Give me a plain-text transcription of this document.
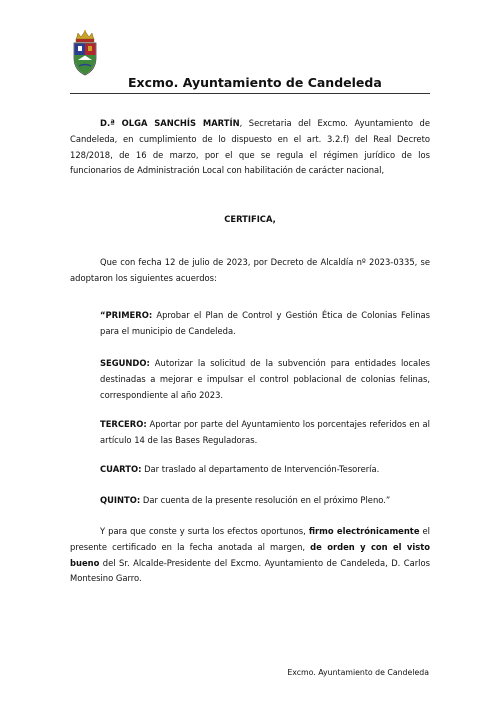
Excmo. Ayuntamiento de Candeleda

D.ª OLGA SANCHÍS MARTÍN, Secretaria del Excmo. Ayuntamiento de Candeleda, en cumplimiento de lo dispuesto en el art. 3.2.f) del Real Decreto 128/2018, de 16 de marzo, por el que se regula el régimen jurídico de los funcionarios de Administración Local con habilitación de carácter nacional,

CERTIFICA,

Que con fecha 12 de julio de 2023, por Decreto de Alcaldía nº 2023-0335, se adoptaron los siguientes acuerdos:

“PRIMERO: Aprobar el Plan de Control y Gestión Ética de Colonias Felinas para el municipio de Candeleda.

SEGUNDO: Autorizar la solicitud de la subvención para entidades locales destinadas a mejorar e impulsar el control poblacional de colonias felinas, correspondiente al año 2023.

TERCERO: Aportar por parte del Ayuntamiento los porcentajes referidos en al artículo 14 de las Bases Reguladoras.

CUARTO: Dar traslado al departamento de Intervención-Tesorería.

QUINTO: Dar cuenta de la presente resolución en el próximo Pleno.”

Y para que conste y surta los efectos oportunos, firmo electrónicamente el presente certificado en la fecha anotada al margen, de orden y con el visto bueno del Sr. Alcalde-Presidente del Excmo. Ayuntamiento de Candeleda, D. Carlos Montesino Garro.

Excmo. Ayuntamiento de Candeleda
